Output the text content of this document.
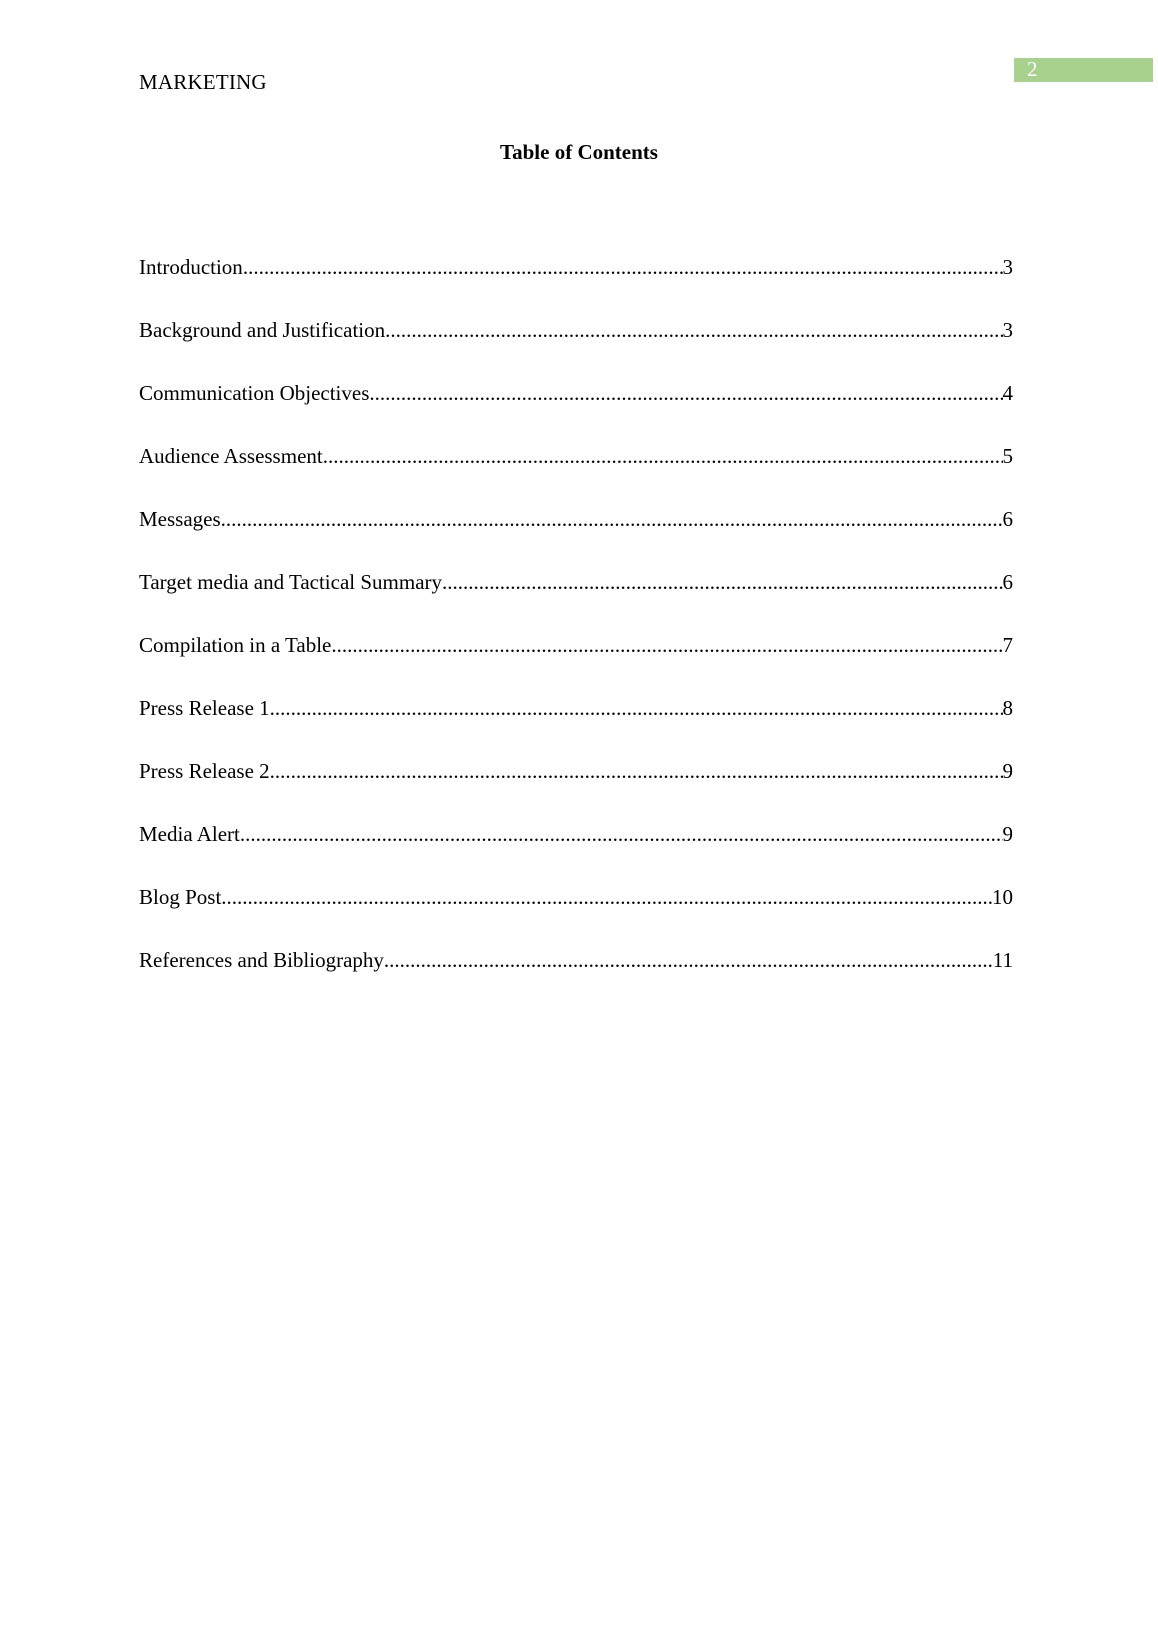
MARKETING
2
Table of Contents
Introduction .....	3
Background and Justification .....	3
Communication Objectives .....	4
Audience Assessment .....	5
Messages .....	6
Target media and Tactical Summary .....	6
Compilation in a Table .....	7
Press Release 1 .....	8
Press Release 2 .....	9
Media Alert .....	9
Blog Post .....	10
References and Bibliography .....	11
